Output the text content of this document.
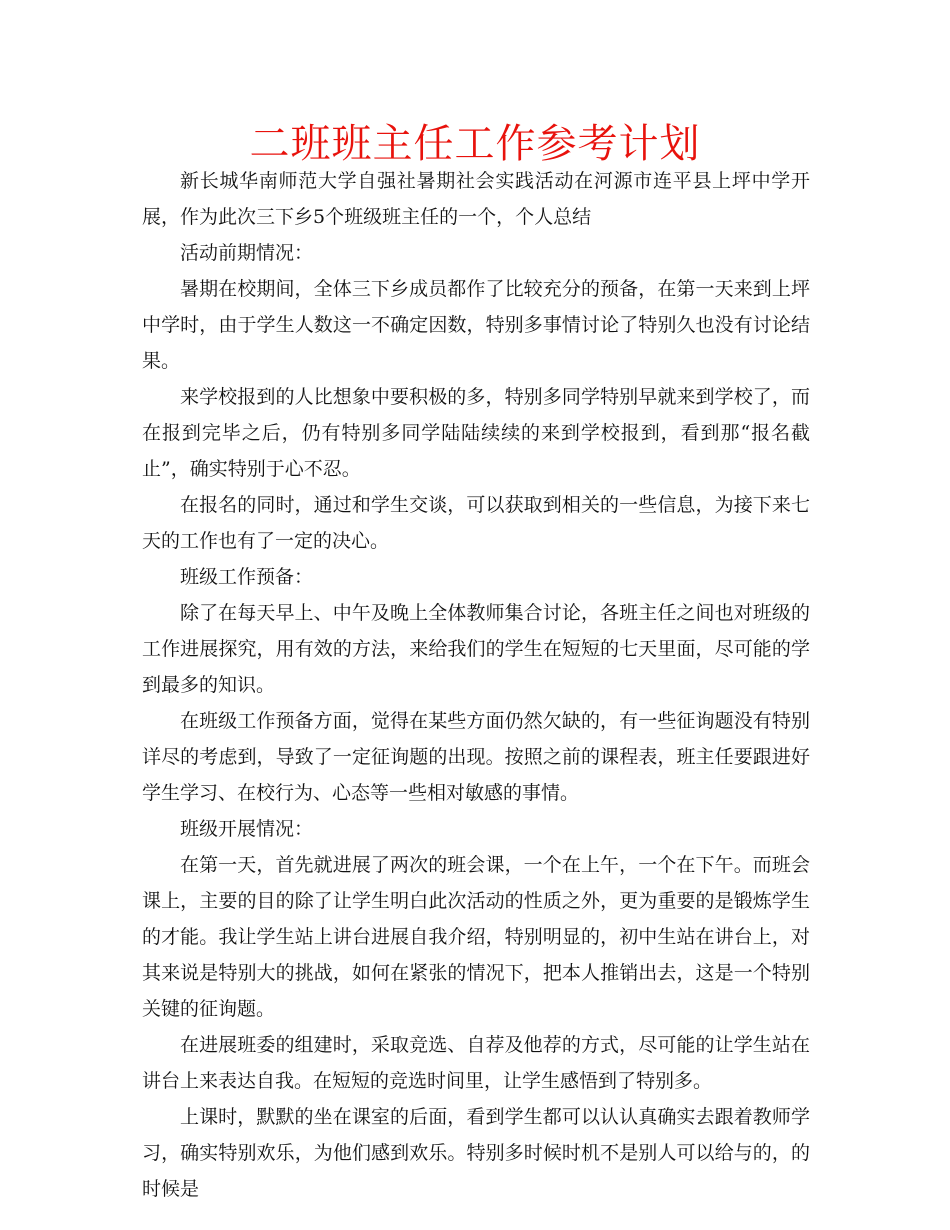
二班班主任工作参考计划

新长城华南师范大学自强社暑期社会实践活动在河源市连平县上坪中学开展，作为此次三下乡5个班级班主任的一个，个人总结

活动前期情况：

暑期在校期间，全体三下乡成员都作了比较充分的预备，在第一天来到上坪中学时，由于学生人数这一不确定因数，特别多事情讨论了特别久也没有讨论结果。

来学校报到的人比想象中要积极的多，特别多同学特别早就来到学校了，而在报到完毕之后，仍有特别多同学陆陆续续的来到学校报到，看到那“报名截止”，确实特别于心不忍。

在报名的同时，通过和学生交谈，可以获取到相关的一些信息，为接下来七天的工作也有了一定的决心。

班级工作预备：

除了在每天早上、中午及晚上全体教师集合讨论，各班主任之间也对班级的工作进展探究，用有效的方法，来给我们的学生在短短的七天里面，尽可能的学到最多的知识。

在班级工作预备方面，觉得在某些方面仍然欠缺的，有一些征询题没有特别详尽的考虑到，导致了一定征询题的出现。按照之前的课程表，班主任要跟进好学生学习、在校行为、心态等一些相对敏感的事情。

班级开展情况：

在第一天，首先就进展了两次的班会课，一个在上午，一个在下午。而班会课上，主要的目的除了让学生明白此次活动的性质之外，更为重要的是锻炼学生的才能。我让学生站上讲台进展自我介绍，特别明显的，初中生站在讲台上，对其来说是特别大的挑战，如何在紧张的情况下，把本人推销出去，这是一个特别关键的征询题。

在进展班委的组建时，采取竞选、自荐及他荐的方式，尽可能的让学生站在讲台上来表达自我。在短短的竞选时间里，让学生感悟到了特别多。

上课时，默默的坐在课室的后面，看到学生都可以认认真确实去跟着教师学习，确实特别欢乐，为他们感到欢乐。特别多时候时机不是别人可以给与的，的时候是
